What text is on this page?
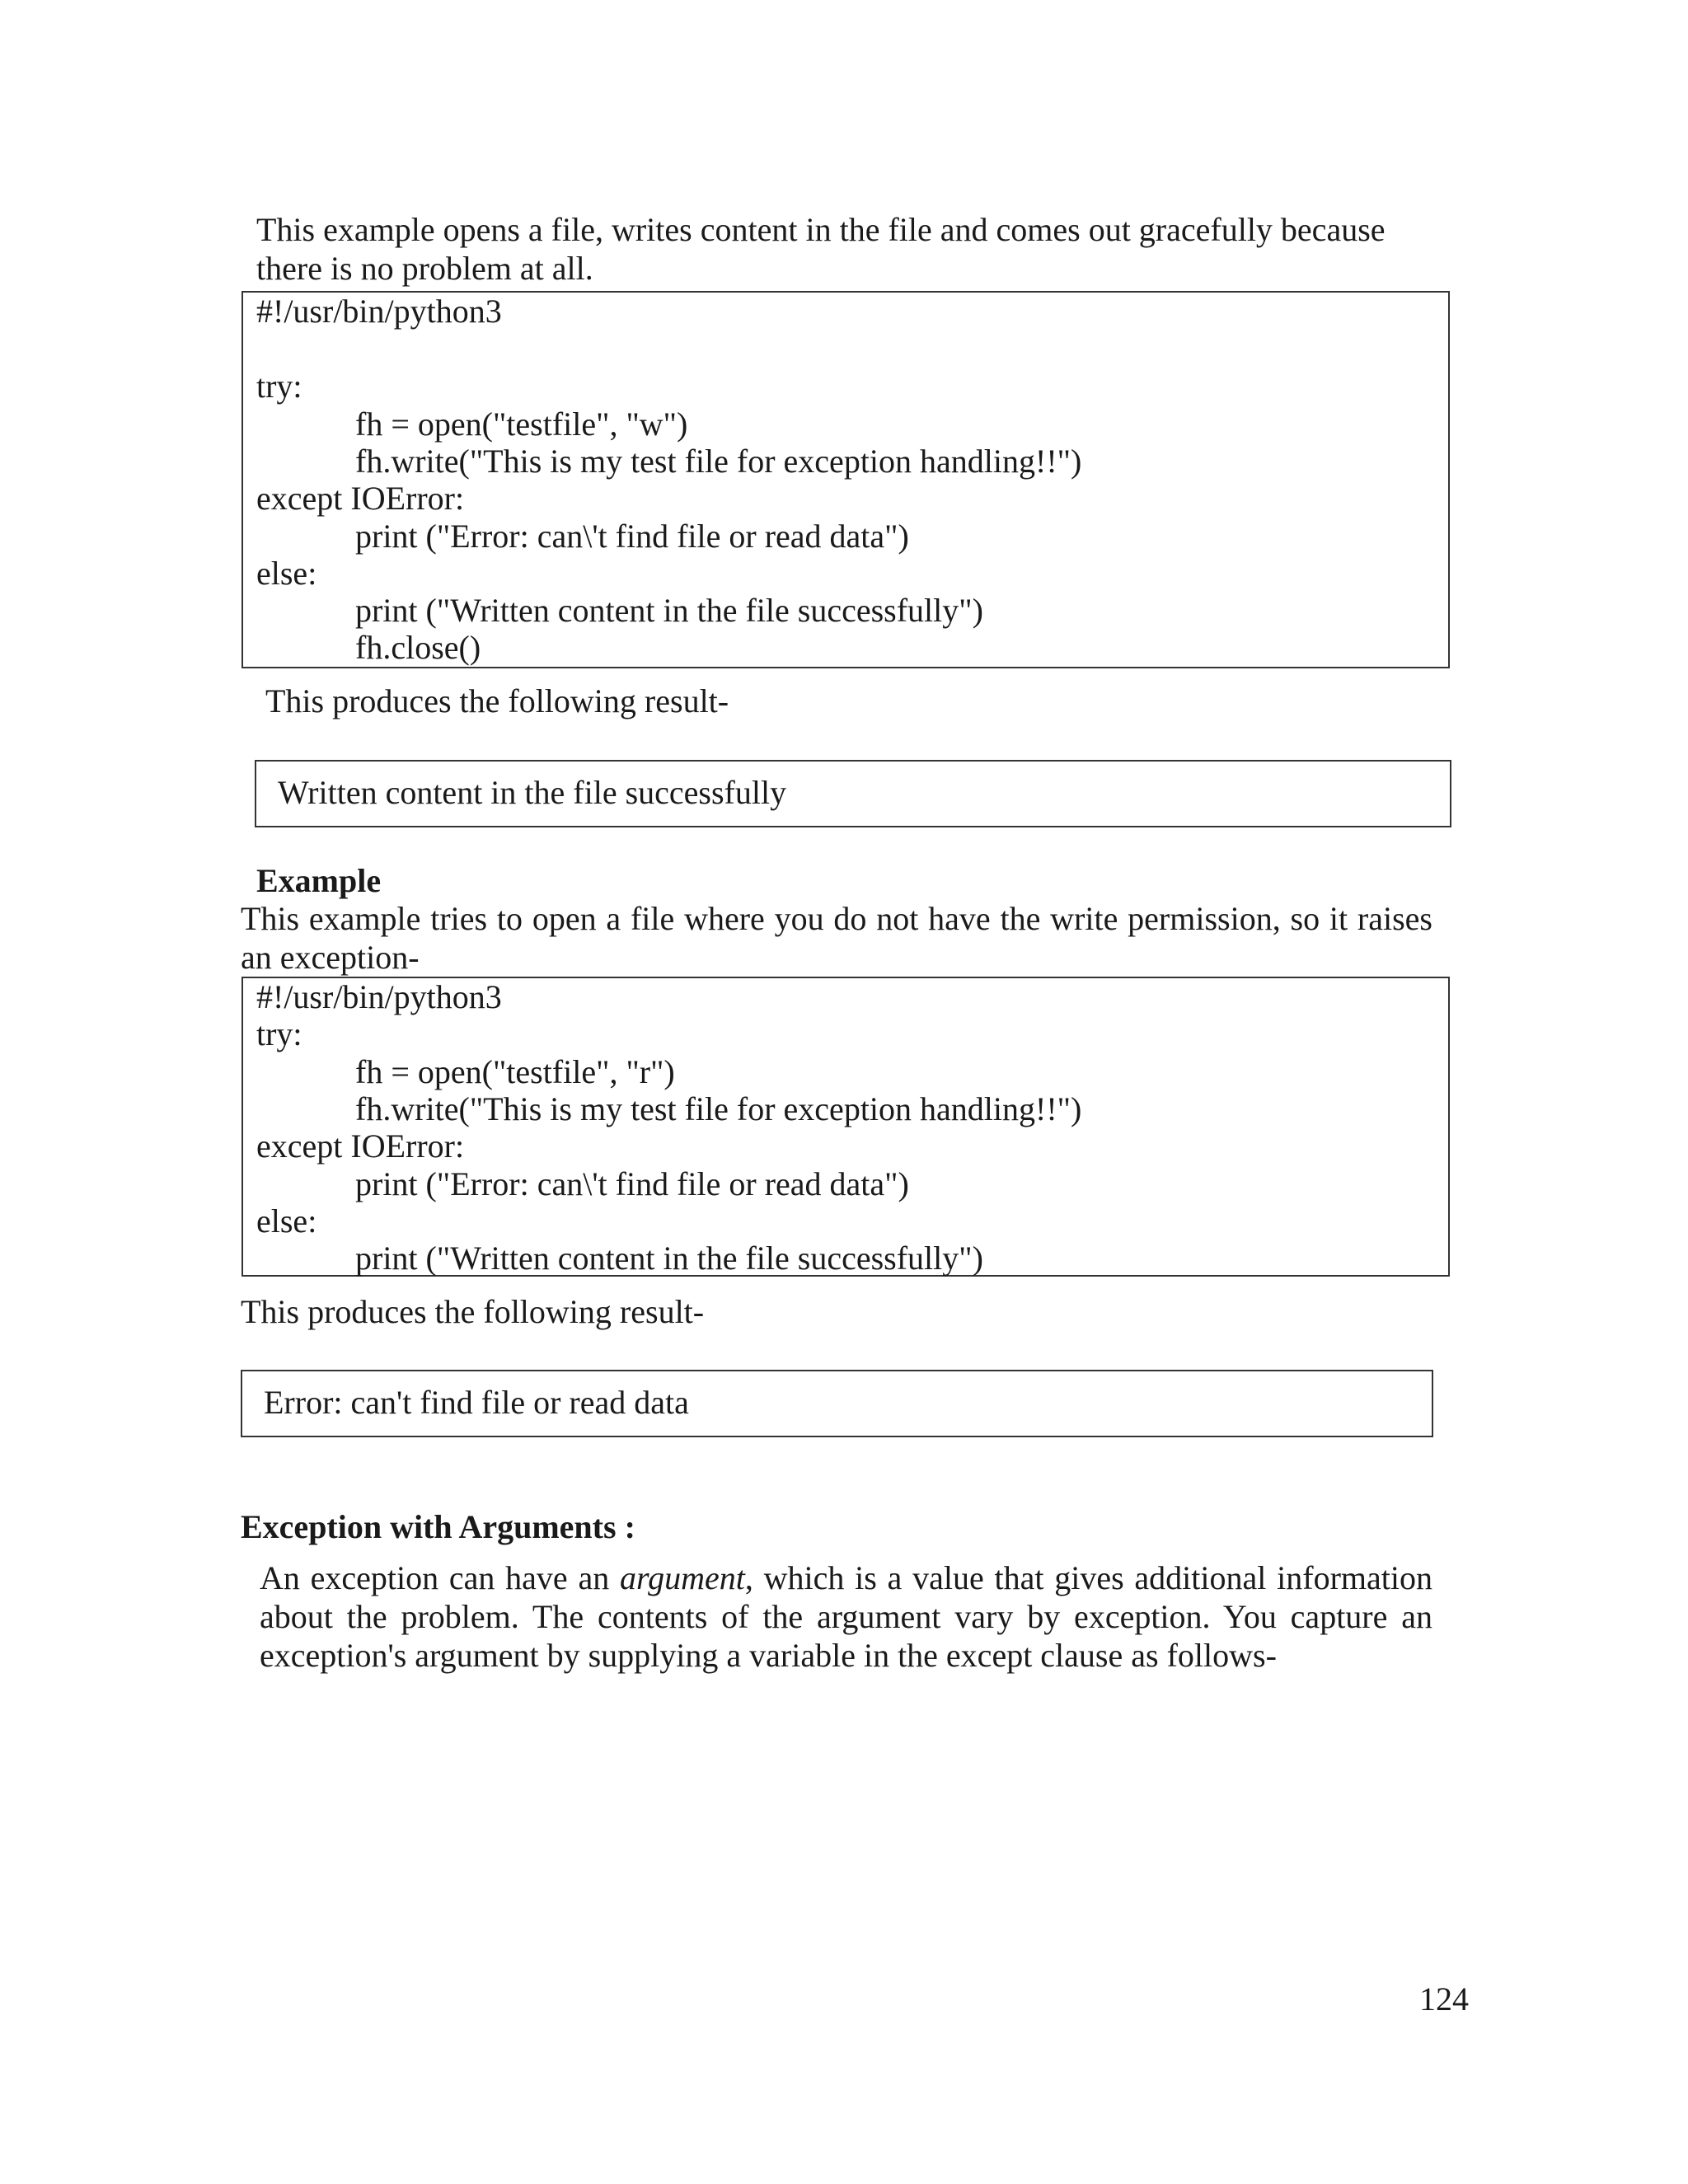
This example opens a file, writes content in the file and comes out gracefully because there is no problem at all.

#!/usr/bin/python3
try:
fh = open("testfile", "w")
fh.write("This is my test file for exception handling!!")
except IOError:
print ("Error: can\'t find file or read data")
else:
print ("Written content in the file successfully")
fh.close()
This produces the following result-
Written content in the file successfully
Example

This example tries to open a file where you do not have the write permission, so it raises an exception-

#!/usr/bin/python3
try:
fh = open("testfile", "r")
fh.write("This is my test file for exception handling!!")
except IOError:
print ("Error: can\'t find file or read data")
else:
print ("Written content in the file successfully")
This produces the following result-
Error: can't find file or read data
Exception with Arguments :

An exception can have an argument, which is a value that gives additional information about the problem. The contents of the argument vary by exception. You capture an exception's argument by supplying a variable in the except clause as follows-

124
